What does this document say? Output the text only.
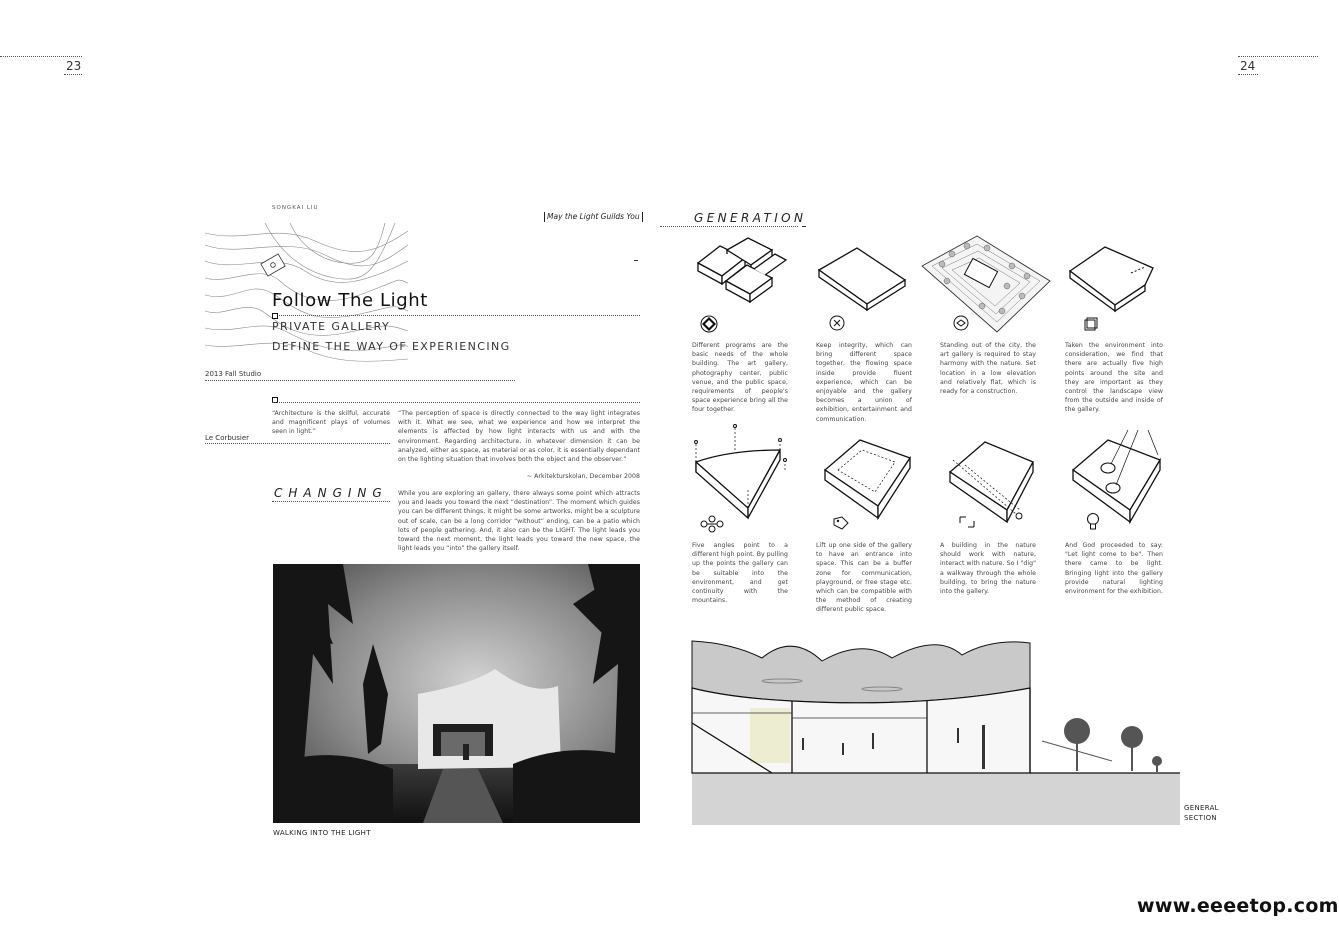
23	24
SONGKAI LIU
May the Light Guilds You
Follow The Light
PRIVATE GALLERY
DEFINE THE WAY OF EXPERIENCING
2013 Fall Studio
“Architecture is the skilful, accurate and magnificent plays of volumes seen in light.”
Le Corbusier
“The perception of space is directly connected to the way light integrates with it. What we see, what we experience and how we interpret the elements is affected by how light interacts with us and with the environment. Regarding architecture, in whatever dimension it can be analyzed, either as space, as material or as color, it is essentially dependant on the lighting situation that involves both the object and the observer.”
~ Arkitekturskolan, December 2008
CHANGING While you are exploring an gallery, there always some point which attracts you and leads you toward the next “destination”. The moment which guides you can be different things, it might be some artworks, might be a sculpture out of scale, can be a long corridor “without” ending, can be a patio which lots of people gathering. And, it also can be the LIGHT. The light leads you toward the next moment, the light leads you toward the new space, the light leads you “into” the gallery itself.
WALKING INTO THE LIGHT
GENERATION
Different programs are the basic needs of the whole building. The art gallery, photography center, public venue, and the public space, requirements of people's space experience bring all the four together.
Keep integrity, which can bring different space together, the flowing space inside provide fluent experience, which can be enjoyable and the gallery becomes a union of exhibition, entertainment and communication.
Standing out of the city, the art gallery is required to stay harmony with the nature. Set location in a low elevation and relatively flat, which is ready for a construction.
Taken the environment into consideration, we find that there are actually five high points around the site and they are important as they control the landscape view from the outside and inside of the gallery.
Five angles point to a different high point. By pulling up the points the gallery can be suitable into the environment, and get continuity with the mountains.
Lift up one side of the gallery to have an entrance into space. This can be a buffer zone for communication, playground, or free stage etc. which can be compatible with the method of creating different public space.
A building in the nature should work with nature, interact with nature. So I "dig" a walkway through the whole building, to bring the nature into the gallery.
And God proceeded to say: "Let light come to be". Then there came to be light. Bringing light into the gallery provide natural lighting environment for the exhibition.
GENERAL
SECTION
www.eeeetop.com
